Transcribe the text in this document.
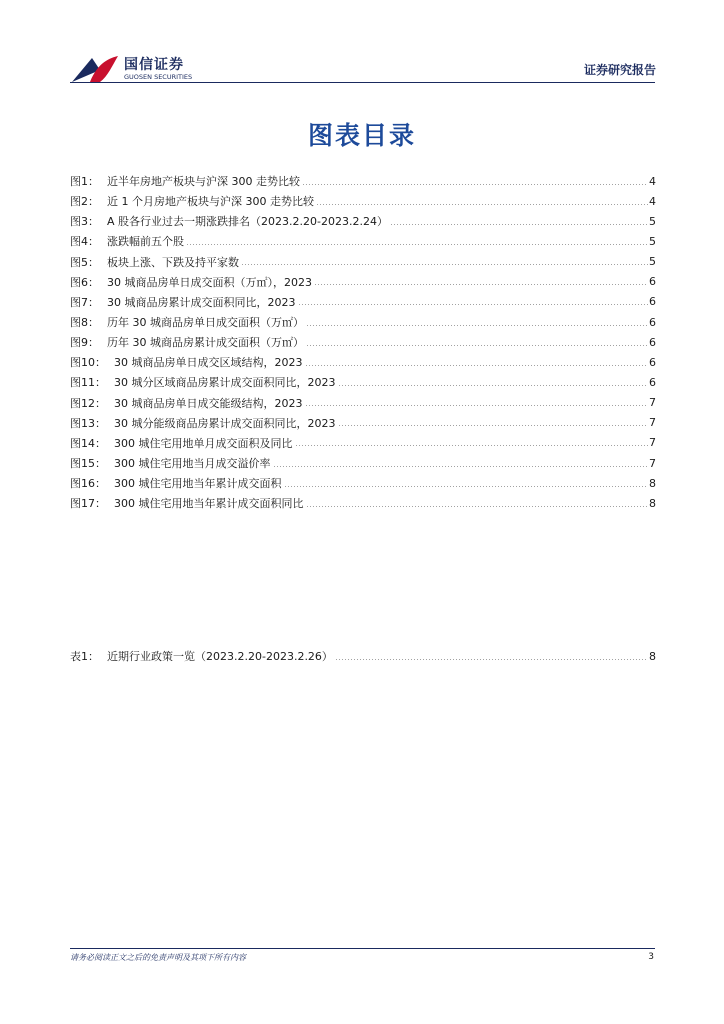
国信证券
GUOSEN SECURITIES	证券研究报告
图表目录
图1： 近半年房地产板块与沪深 300 走势比较	4
图2： 近 1 个月房地产板块与沪深 300 走势比较	4
图3： A 股各行业过去一期涨跌排名（2023.2.20-2023.2.24）	5
图4： 涨跌幅前五个股	5
图5： 板块上涨、下跌及持平家数	5
图6： 30 城商品房单日成交面积（万㎡），2023	6
图7： 30 城商品房累计成交面积同比，2023	6
图8： 历年 30 城商品房单日成交面积（万㎡）	6
图9： 历年 30 城商品房累计成交面积（万㎡）	6
图10： 30 城商品房单日成交区域结构，2023	6
图11： 30 城分区域商品房累计成交面积同比，2023	6
图12： 30 城商品房单日成交能级结构，2023	7
图13： 30 城分能级商品房累计成交面积同比，2023	7
图14： 300 城住宅用地单月成交面积及同比	7
图15： 300 城住宅用地当月成交溢价率	7
图16： 300 城住宅用地当年累计成交面积	8
图17： 300 城住宅用地当年累计成交面积同比	8
表1： 近期行业政策一览（2023.2.20-2023.2.26）	8
请务必阅读正文之后的免责声明及其项下所有内容	3
